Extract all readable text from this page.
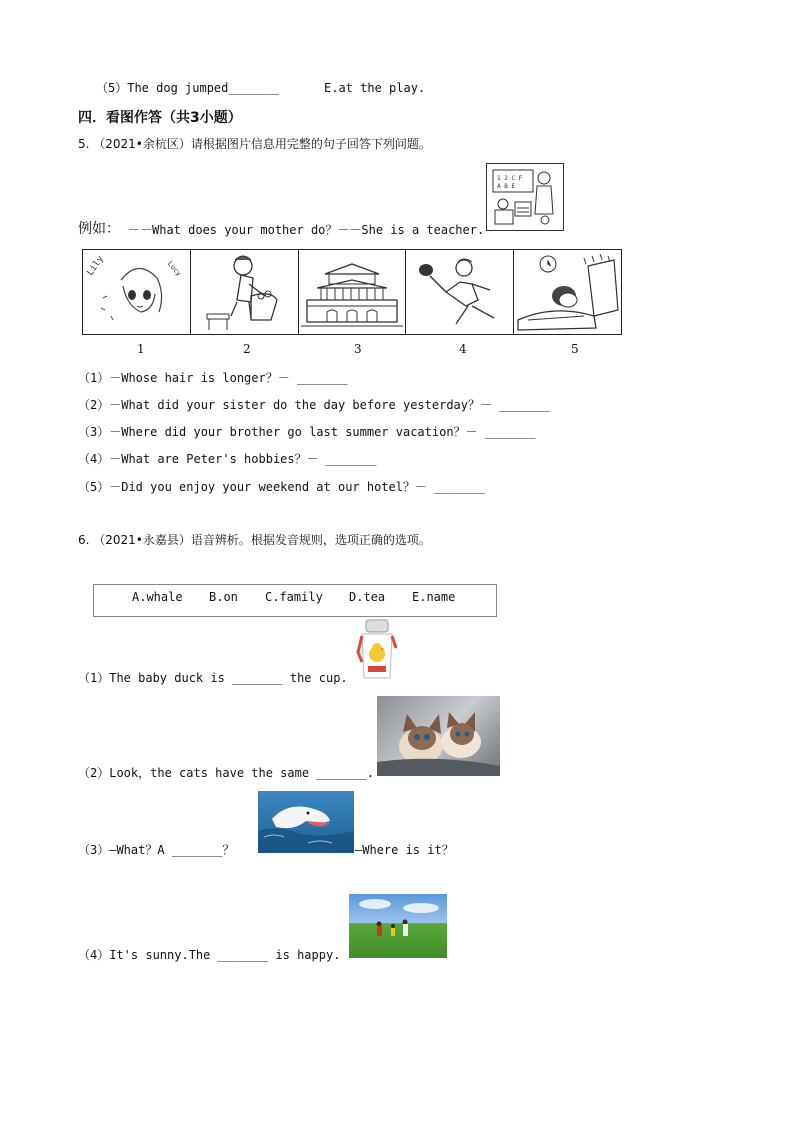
（5）The dog jumped_______	E.at the play.
四．看图作答（共3小题）
5. （2021•余杭区）请根据图片信息用完整的句子回答下列问题。
1 2 C F
A B E
例如： －－What does your mother do？－－She is a teacher.
Lily	Lucy
1	2	3	4	5
（1）－Whose hair is longer？－ _______
（2）－What did your sister do the day before yesterday？－ _______
（3）－Where did your brother go last summer vacation？－ _______
（4）－What are Peter's hobbies？－ _______
（5）－Did you enjoy your weekend at our hotel？－ _______
6. （2021•永嘉县）语音辨析。根据发音规则，选项正确的选项。
A.whale B.on C.family D.tea E.name
（1）The baby duck is _______ the cup.
（2）Look，the cats have the same _______.
（3）—What？A _______？	—Where is it？
（4）It's sunny.The _______ is happy.
